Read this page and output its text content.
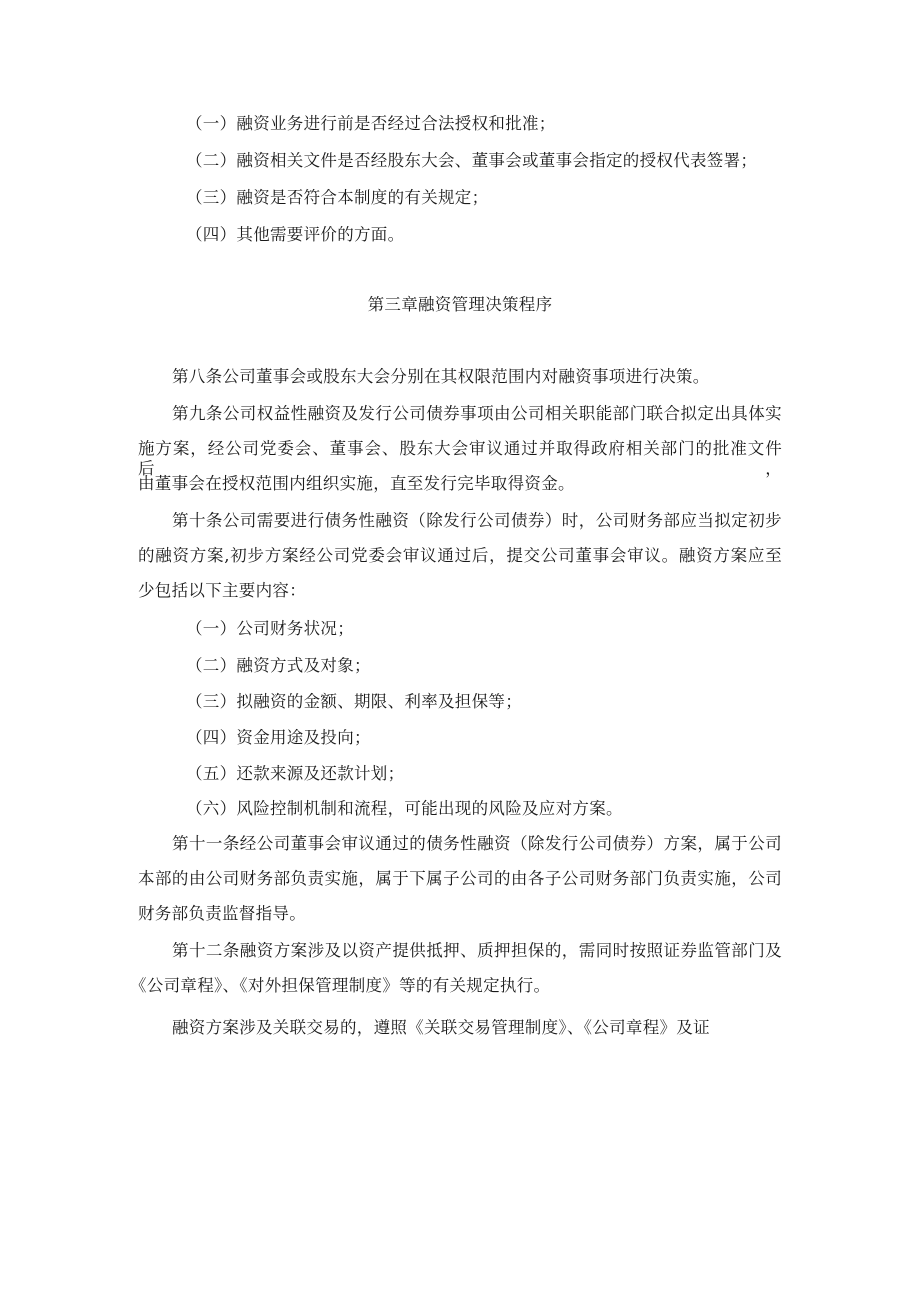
（一）融资业务进行前是否经过合法授权和批准；
（二）融资相关文件是否经股东大会、董事会或董事会指定的授权代表签署；
（三）融资是否符合本制度的有关规定；
（四）其他需要评价的方面。
第三章融资管理决策程序
第八条公司董事会或股东大会分别在其权限范围内对融资事项进行决策。
第九条公司权益性融资及发行公司债券事项由公司相关职能部门联合拟定出具体实
施方案，经公司党委会、董事会、股东大会审议通过并取得政府相关部门的批准文件后，
由董事会在授权范围内组织实施，直至发行完毕取得资金。
第十条公司需要进行债务性融资（除发行公司债券）时，公司财务部应当拟定初步
的融资方案,初步方案经公司党委会审议通过后，提交公司董事会审议。融资方案应至
少包括以下主要内容：
（一）公司财务状况；
（二）融资方式及对象；
（三）拟融资的金额、期限、利率及担保等；
（四）资金用途及投向；
（五）还款来源及还款计划；
（六）风险控制机制和流程，可能出现的风险及应对方案。
第十一条经公司董事会审议通过的债务性融资（除发行公司债券）方案，属于公司
本部的由公司财务部负责实施，属于下属子公司的由各子公司财务部门负责实施，公司
财务部负责监督指导。
第十二条融资方案涉及以资产提供抵押、质押担保的，需同时按照证券监管部门及
《公司章程》、《对外担保管理制度》等的有关规定执行。
融资方案涉及关联交易的，遵照《关联交易管理制度》、《公司章程》及证
